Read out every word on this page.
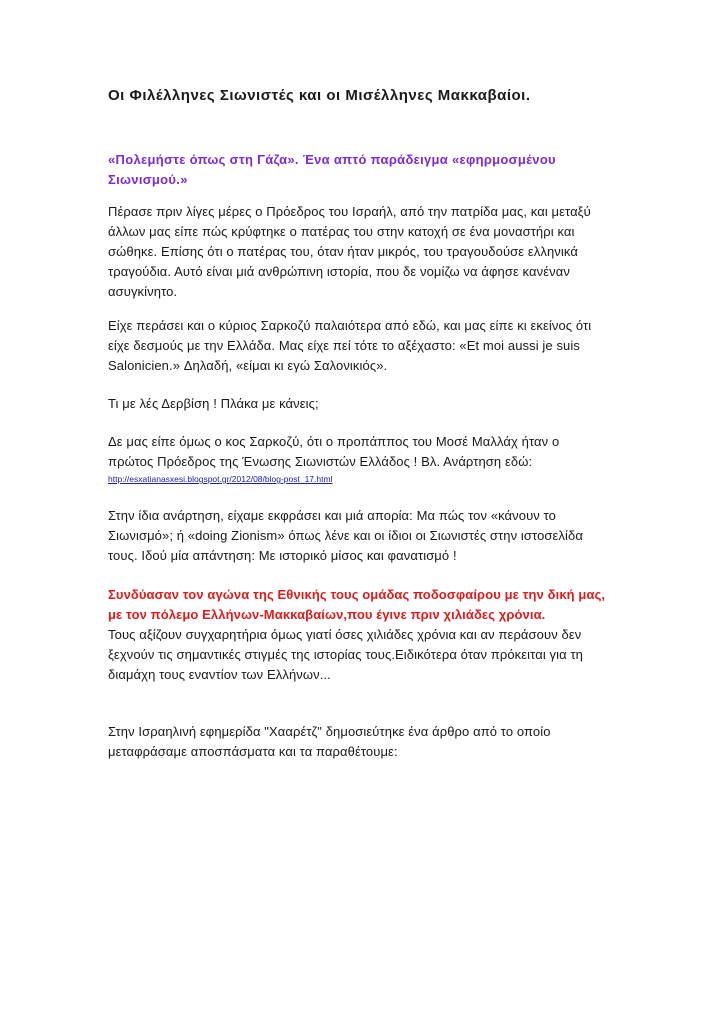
Οι Φιλέλληνες Σιωνιστές και οι Μισέλληνες Μακκαβαίοι.
«Πολεμήστε όπως στη Γάζα». Ένα απτό παράδειγμα «εφηρμοσμένου Σιωνισμού.»

Πέρασε πριν λίγες μέρες ο Πρόεδρος του Ισραήλ, από την πατρίδα μας, και μεταξύ άλλων μας είπε πώς κρύφτηκε ο πατέρας του στην κατοχή σε ένα μοναστήρι και σώθηκε. Επίσης ότι ο πατέρας του, όταν ήταν μικρός, του τραγουδούσε ελληνικά τραγούδια. Αυτό είναι μιά ανθρώπινη ιστορία, που δε νομίζω να άφησε κανέναν ασυγκίνητο.

Είχε περάσει και ο κύριος Σαρκοζύ παλαιότερα από εδώ, και μας είπε κι εκείνος ότι είχε δεσμούς με την Ελλάδα. Μας είχε πεί τότε το αξέχαστο: «Et moi aussi je suis Salonicien.» Δηλαδή, «είμαι κι εγώ Σαλονικιός».

Τι με λές Δερβίση ! Πλάκα με κάνεις;

Δε μας είπε όμως ο κος Σαρκοζύ, ότι ο προπάππος του Μοσέ Μαλλάχ ήταν ο πρώτος Πρόεδρος της Ένωσης Σιωνιστών Ελλάδος ! Βλ. Ανάρτηση εδώ:

http://esxatianasxesi.blogspot.gr/2012/08/blog-post_17.html

Στην ίδια ανάρτηση, είχαμε εκφράσει και μιά απορία: Μα πώς τον «κάνουν το Σιωνισμό»; ή «doing Zionism» όπως λένε και οι ίδιοι οι Σιωνιστές στην ιστοσελίδα τους. Ιδού μία απάντηση: Με ιστορικό μίσος και φανατισμό !

Συνδύασαν τον αγώνα της Εθνικής τους ομάδας ποδοσφαίρου με την δική μας, με τον πόλεμο Ελλήνων-Μακκαβαίων,που έγινε πριν χιλιάδες χρόνια.

Τους αξίζουν συγχαρητήρια όμως γιατί όσες χιλιάδες χρόνια και αν περάσουν δεν ξεχνούν τις σημαντικές στιγμές της ιστορίας τους.Ειδικότερα όταν πρόκειται για τη διαμάχη τους εναντίον των Ελλήνων...

Στην Ισραηλινή εφημερίδα "Χααρέτζ" δημοσιεύτηκε ένα άρθρο από το οποίο μεταφράσαμε αποσπάσματα και τα παραθέτουμε:
